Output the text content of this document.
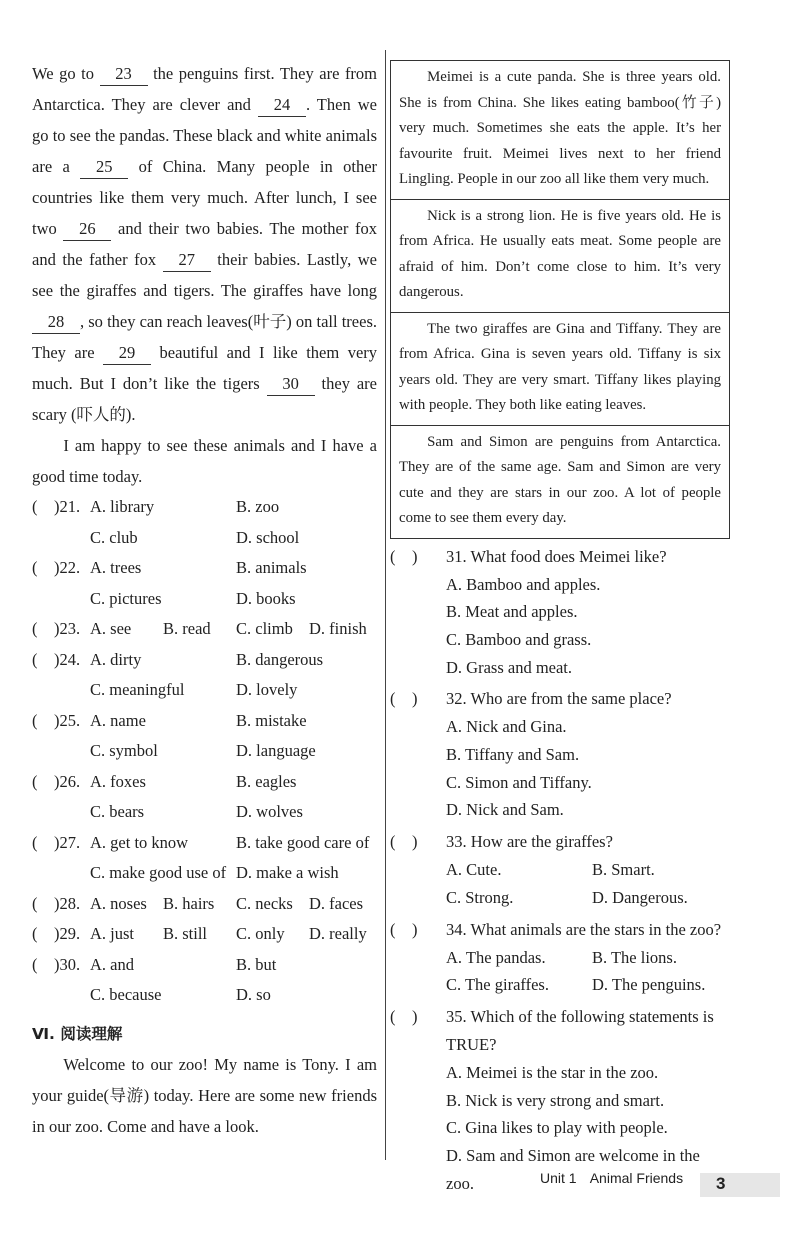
We go to 23 the penguins first. They are from Antarctica. They are clever and 24 . Then we go to see the pandas. These black and white animals are a 25 of China. Many people in other countries like them very much. After lunch, I see two 26 and their two babies. The mother fox and the father fox 27 their babies. Lastly, we see the giraffes and tigers. The giraffes have long 28 , so they can reach leaves(叶子) on tall trees. They are 29 beautiful and I like them very much. But I don’t like the tigers 30 they are scary (吓人的).

I am happy to see these animals and I have a good time today.

(    )21. A. library	B. zoo
C. club	D. school
(    )22. A. trees	B. animals
C. pictures	D. books
(    )23. A. see	B. read	C. climb D. finish
(    )24. A. dirty	B. dangerous
C. meaningful	D. lovely
(    )25. A. name	B. mistake
C. symbol	D. language
(    )26. A. foxes	B. eagles
C. bears	D. wolves
(    )27. A. get to know	B. take good care of
C. make good use of D. make a wish
(    )28. A. noses B. hairs	C. necks D. faces
(    )29. A. just	B. still	C. only	D. really
(    )30. A. and	B. but
C. because	D. so
Ⅵ. 阅读理解

Welcome to our zoo! My name is Tony. I am your guide(导游) today. Here are some new friends in our zoo. Come and have a look.

Meimei is a cute panda. She is three years old. She is from China. She likes eating bamboo(竹子) very much. Sometimes she eats the apple. It’s her favourite fruit. Meimei lives next to her friend Lingling. People in our zoo all like them very much.

Nick is a strong lion. He is five years old. He is from Africa. He usually eats meat. Some people are afraid of him. Don’t come close to him. It’s very dangerous.

The two giraffes are Gina and Tiffany. They are from Africa. Gina is seven years old. Tiffany is six years old. They are very smart. Tiffany likes playing with people. They both like eating leaves.

Sam and Simon are penguins from Antarctica. They are of the same age. Sam and Simon are very cute and they are stars in our zoo. A lot of people come to see them every day.

(    )	31. What food does Meimei like?
A. Bamboo and apples.
B. Meat and apples.
C. Bamboo and grass.
D. Grass and meat.
(    )	32. Who are from the same place?
A. Nick and Gina.
B. Tiffany and Sam.
C. Simon and Tiffany.
D. Nick and Sam.
(    )	33. How are the giraffes?
A. Cute.	B. Smart.
C. Strong.	D. Dangerous.
(    )	34. What animals are the stars in the zoo?
A. The pandas.	B. The lions.
C. The giraffes.	D. The penguins.
(    )	35. Which of the following statements is TRUE?
A. Meimei is the star in the zoo.
B. Nick is very strong and smart.
C. Gina likes to play with people.
D. Sam and Simon are welcome in the zoo.	Unit 1 Animal Friends 3
